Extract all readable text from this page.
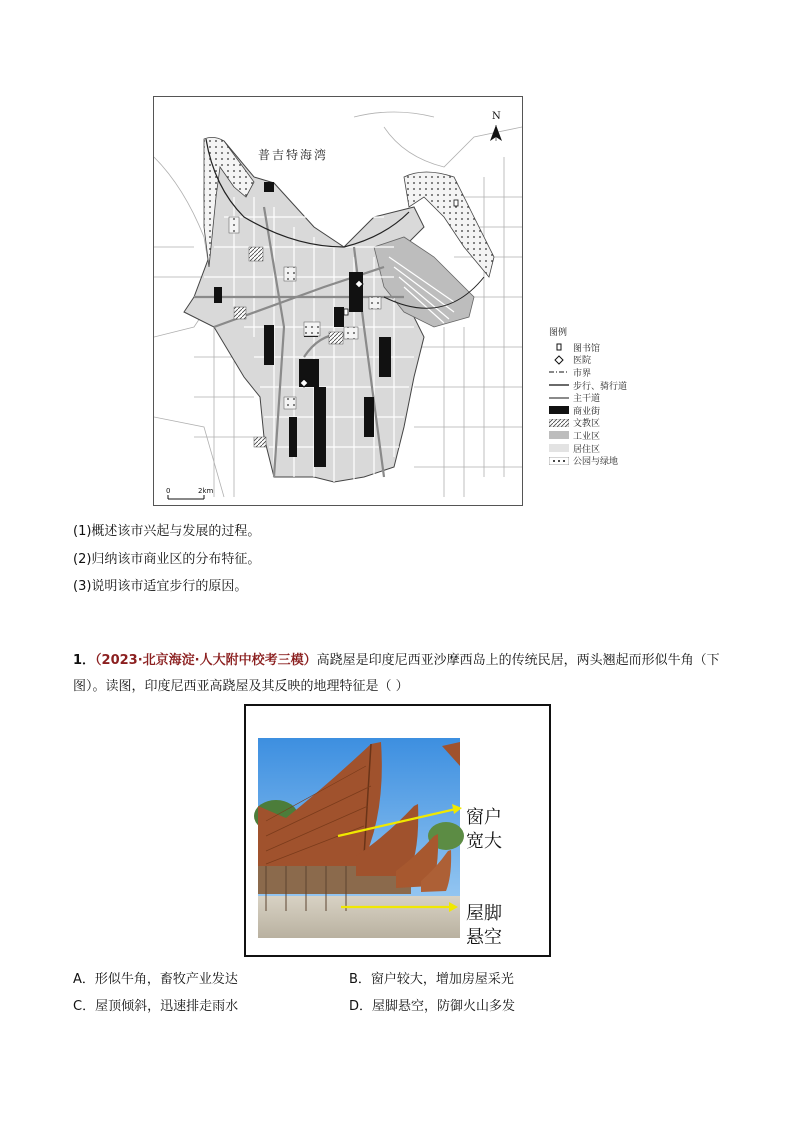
普吉特海湾
N
0	2km
图例
图书馆
医院
市界
步行、骑行道
主干道
商业街
文教区
工业区
居住区
公园与绿地
(1)概述该市兴起与发展的过程。
(2)归纳该市商业区的分布特征。
(3)说明该市适宜步行的原因。
1．（2023·北京海淀·人大附中校考三模）高跷屋是印度尼西亚沙摩西岛上的传统民居，两头翘起而形似牛角（下图）。读图，印度尼西亚高跷屋及其反映的地理特征是（ ）
窗户
宽大
屋脚
悬空
A．形似牛角，畜牧产业发达	B．窗户较大，增加房屋采光
C．屋顶倾斜，迅速排走雨水	D．屋脚悬空，防御火山多发
